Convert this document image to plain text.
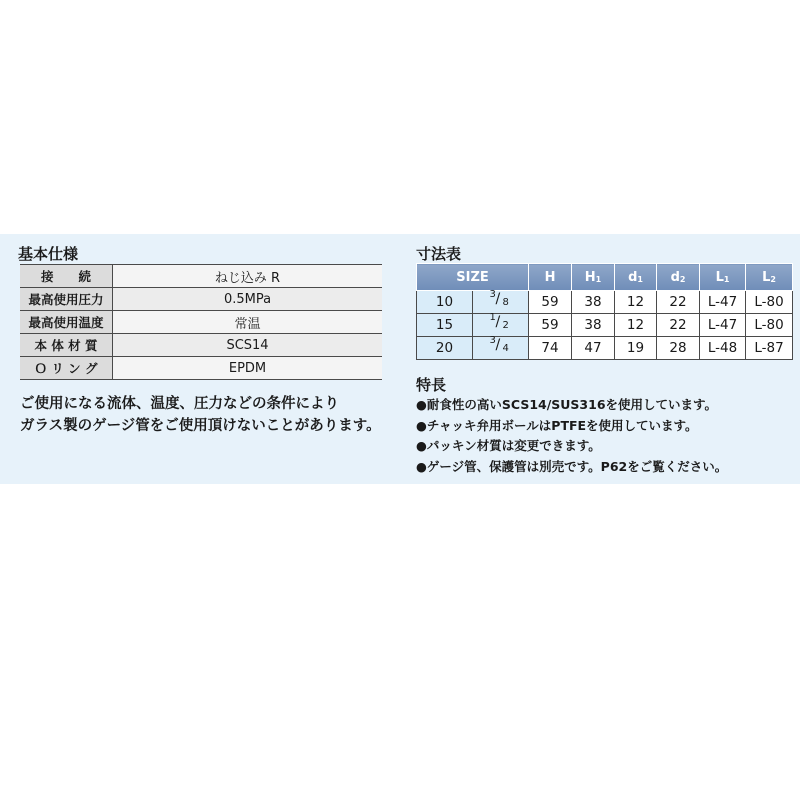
基本仕様
接　　続	ねじ込み R
最高使用圧力	0.5MPa
最高使用温度	常温
本 体 材 質	SCS14
Ｏ リ ン グ	EPDM
ご使用になる流体、温度、圧力などの条件により
ガラス製のゲージ管をご使用頂けないことがあります。
寸法表
SIZE		H	$H_1$	$d_1$	$d_2$	$L_1$	$L_2$
10	3 / 8	59	38	12	22	L-47	L-80
15	1 / 2	59	38	12	22	L-47	L-80
20	3 / 4	74	47	19	28	L-48	L-87
特長
●耐食性の高いSCS14/SUS316を使用しています。
●チャッキ弁用ボールはPTFEを使用しています。
●パッキン材質は変更できます。
●ゲージ管、保護管は別売です。P62をご覧ください。
